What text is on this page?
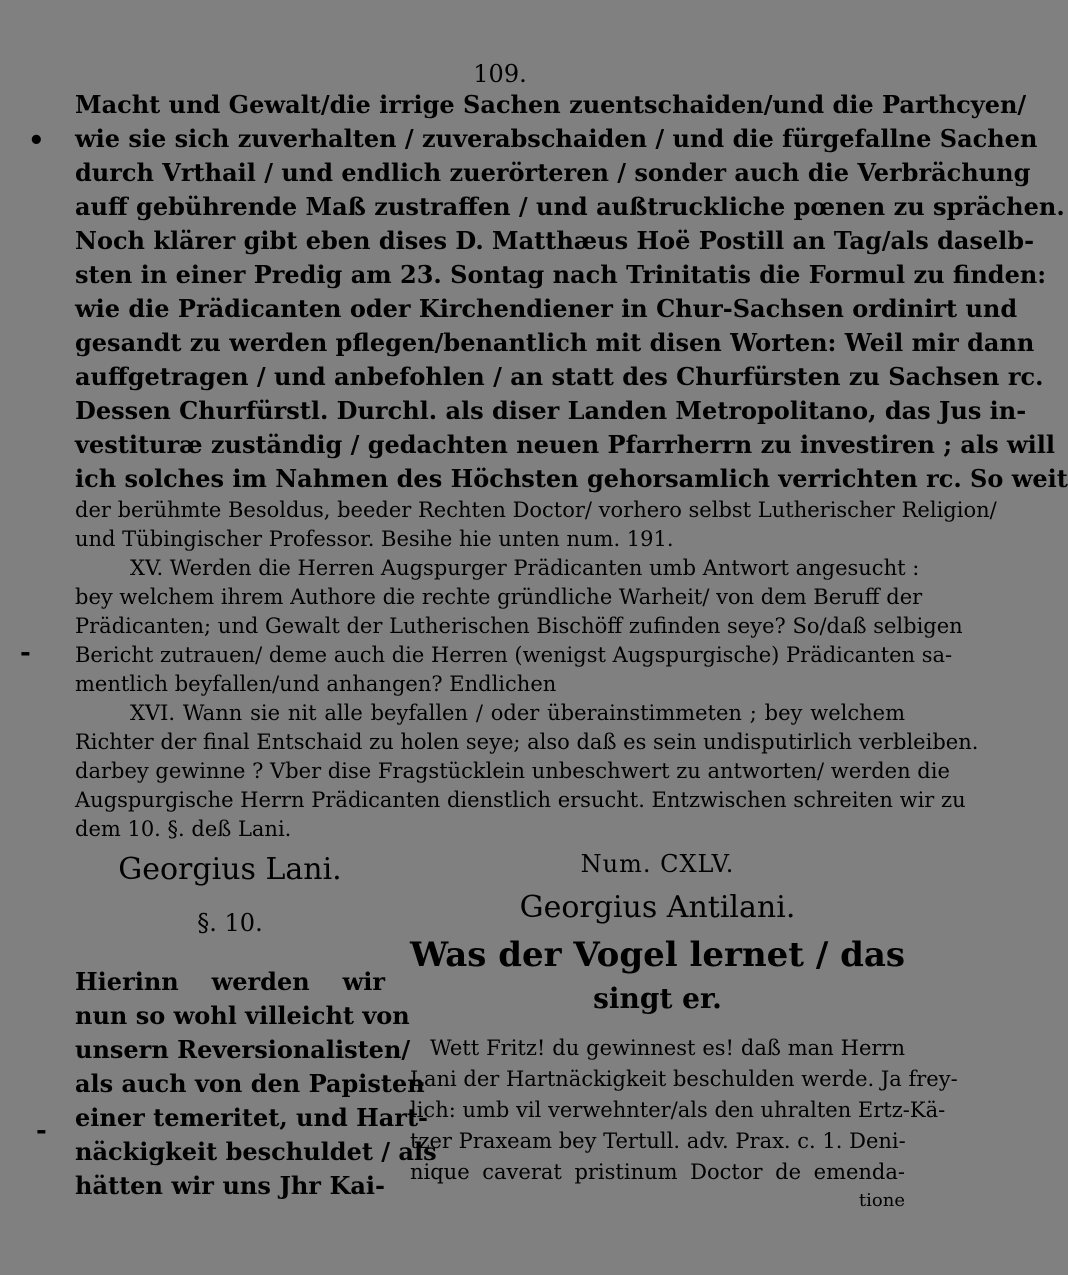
109.
•
-
-
Macht und Gewalt/die irrige Sachen zuentschaiden/und die Parthcyen/
wie sie sich zuverhalten / zuverabschaiden / und die fürgefallne Sachen
durch Vrthail / und endlich zuerörteren / sonder auch die Verbrächung
auff gebührende Maß zustraffen / und außtruckliche pœnen zu sprächen.
Noch klärer gibt eben dises D. Matthæus Hoë Postill an Tag/als daselb-
sten in einer Predig am 23. Sontag nach Trinitatis die Formul zu finden:
wie die Prädicanten oder Kirchendiener in Chur-Sachsen ordinirt und
gesandt zu werden pflegen/benantlich mit disen Worten: Weil mir dann
auffgetragen / und anbefohlen / an statt des Churfürsten zu Sachsen rc.
Dessen Churfürstl. Durchl. als diser Landen Metropolitano, das Jus in-
vestituræ zuständig / gedachten neuen Pfarrherrn zu investiren ; als will
ich solches im Nahmen des Höchsten gehorsamlich verrichten rc. So weit
der berühmte Besoldus, beeder Rechten Doctor/ vorhero selbst Lutherischer Religion/
und Tübingischer Professor. Besihe hie unten num. 191.
XV. Werden die Herren Augspurger Prädicanten umb Antwort angesucht :
bey welchem ihrem Authore die rechte gründliche Warheit/ von dem Beruff der
Prädicanten; und Gewalt der Lutherischen Bischöff zufinden seye? So/daß selbigen
Bericht zutrauen/ deme auch die Herren (wenigst Augspurgische) Prädicanten sa-
mentlich beyfallen/und anhangen? Endlichen
XVI. Wann sie nit alle beyfallen / oder überainstimmeten ; bey welchem
Richter der final Entschaid zu holen seye; also daß es sein undisputirlich verbleiben.
darbey gewinne ? Vber dise Fragstücklein unbeschwert zu antworten/ werden die
Augspurgische Herrn Prädicanten dienstlich ersucht. Entzwischen schreiten wir zu
dem 10. §. deß Lani.
Georgius Lani.
§. 10.
Hierinn werden wir
nun so wohl villeicht von
unsern Reversionalisten/
als auch von den Papisten
einer temeritet, und Hart-
näckigkeit beschuldet / als
hätten wir uns Jhr Kai-
Num. CXLV.
Georgius Antilani.
Was der Vogel lernet / das
singt er.
Wett Fritz! du gewinnest es! daß man Herrn
Lani der Hartnäckigkeit beschulden werde. Ja frey-
lich: umb vil verwehnter/als den uhralten Ertz-Kä-
tzer Praxeam bey Tertull. adv. Prax. c. 1. Deni-
nique caverat pristinum Doctor de emenda-
tione
